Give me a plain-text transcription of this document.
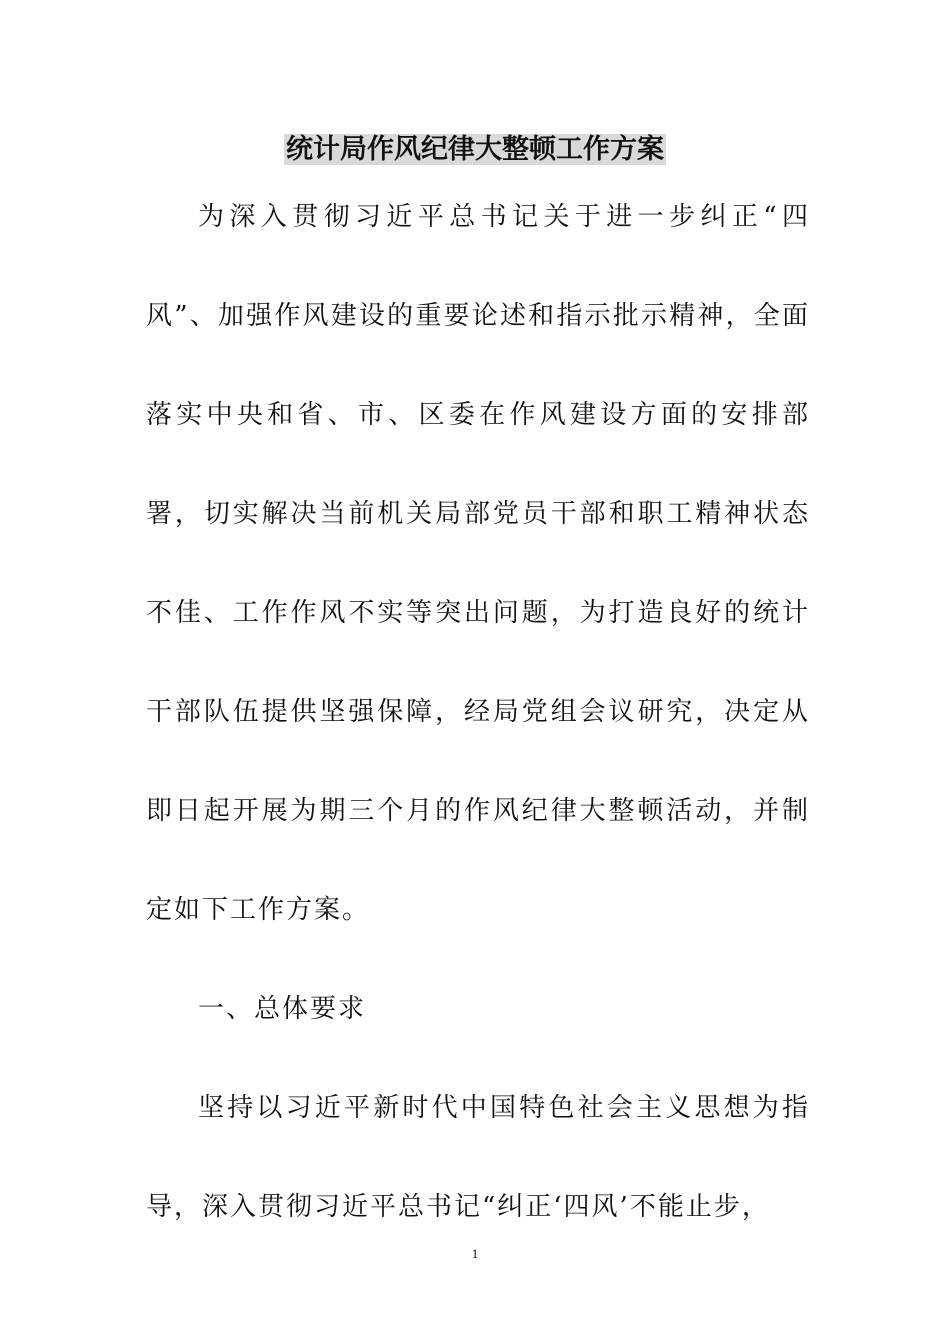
统计局作风纪律大整顿工作方案

为深入贯彻习近平总书记关于进一步纠正“四风”、加强作风建设的重要论述和指示批示精神，全面落实中央和省、市、区委在作风建设方面的安排部署，切实解决当前机关局部党员干部和职工精神状态不佳、工作作风不实等突出问题，为打造良好的统计干部队伍提供坚强保障，经局党组会议研究，决定从即日起开展为期三个月的作风纪律大整顿活动，并制定如下工作方案。

一、总体要求

坚持以习近平新时代中国特色社会主义思想为指导，深入贯彻习近平总书记“纠正‘四风’不能止步，

1
